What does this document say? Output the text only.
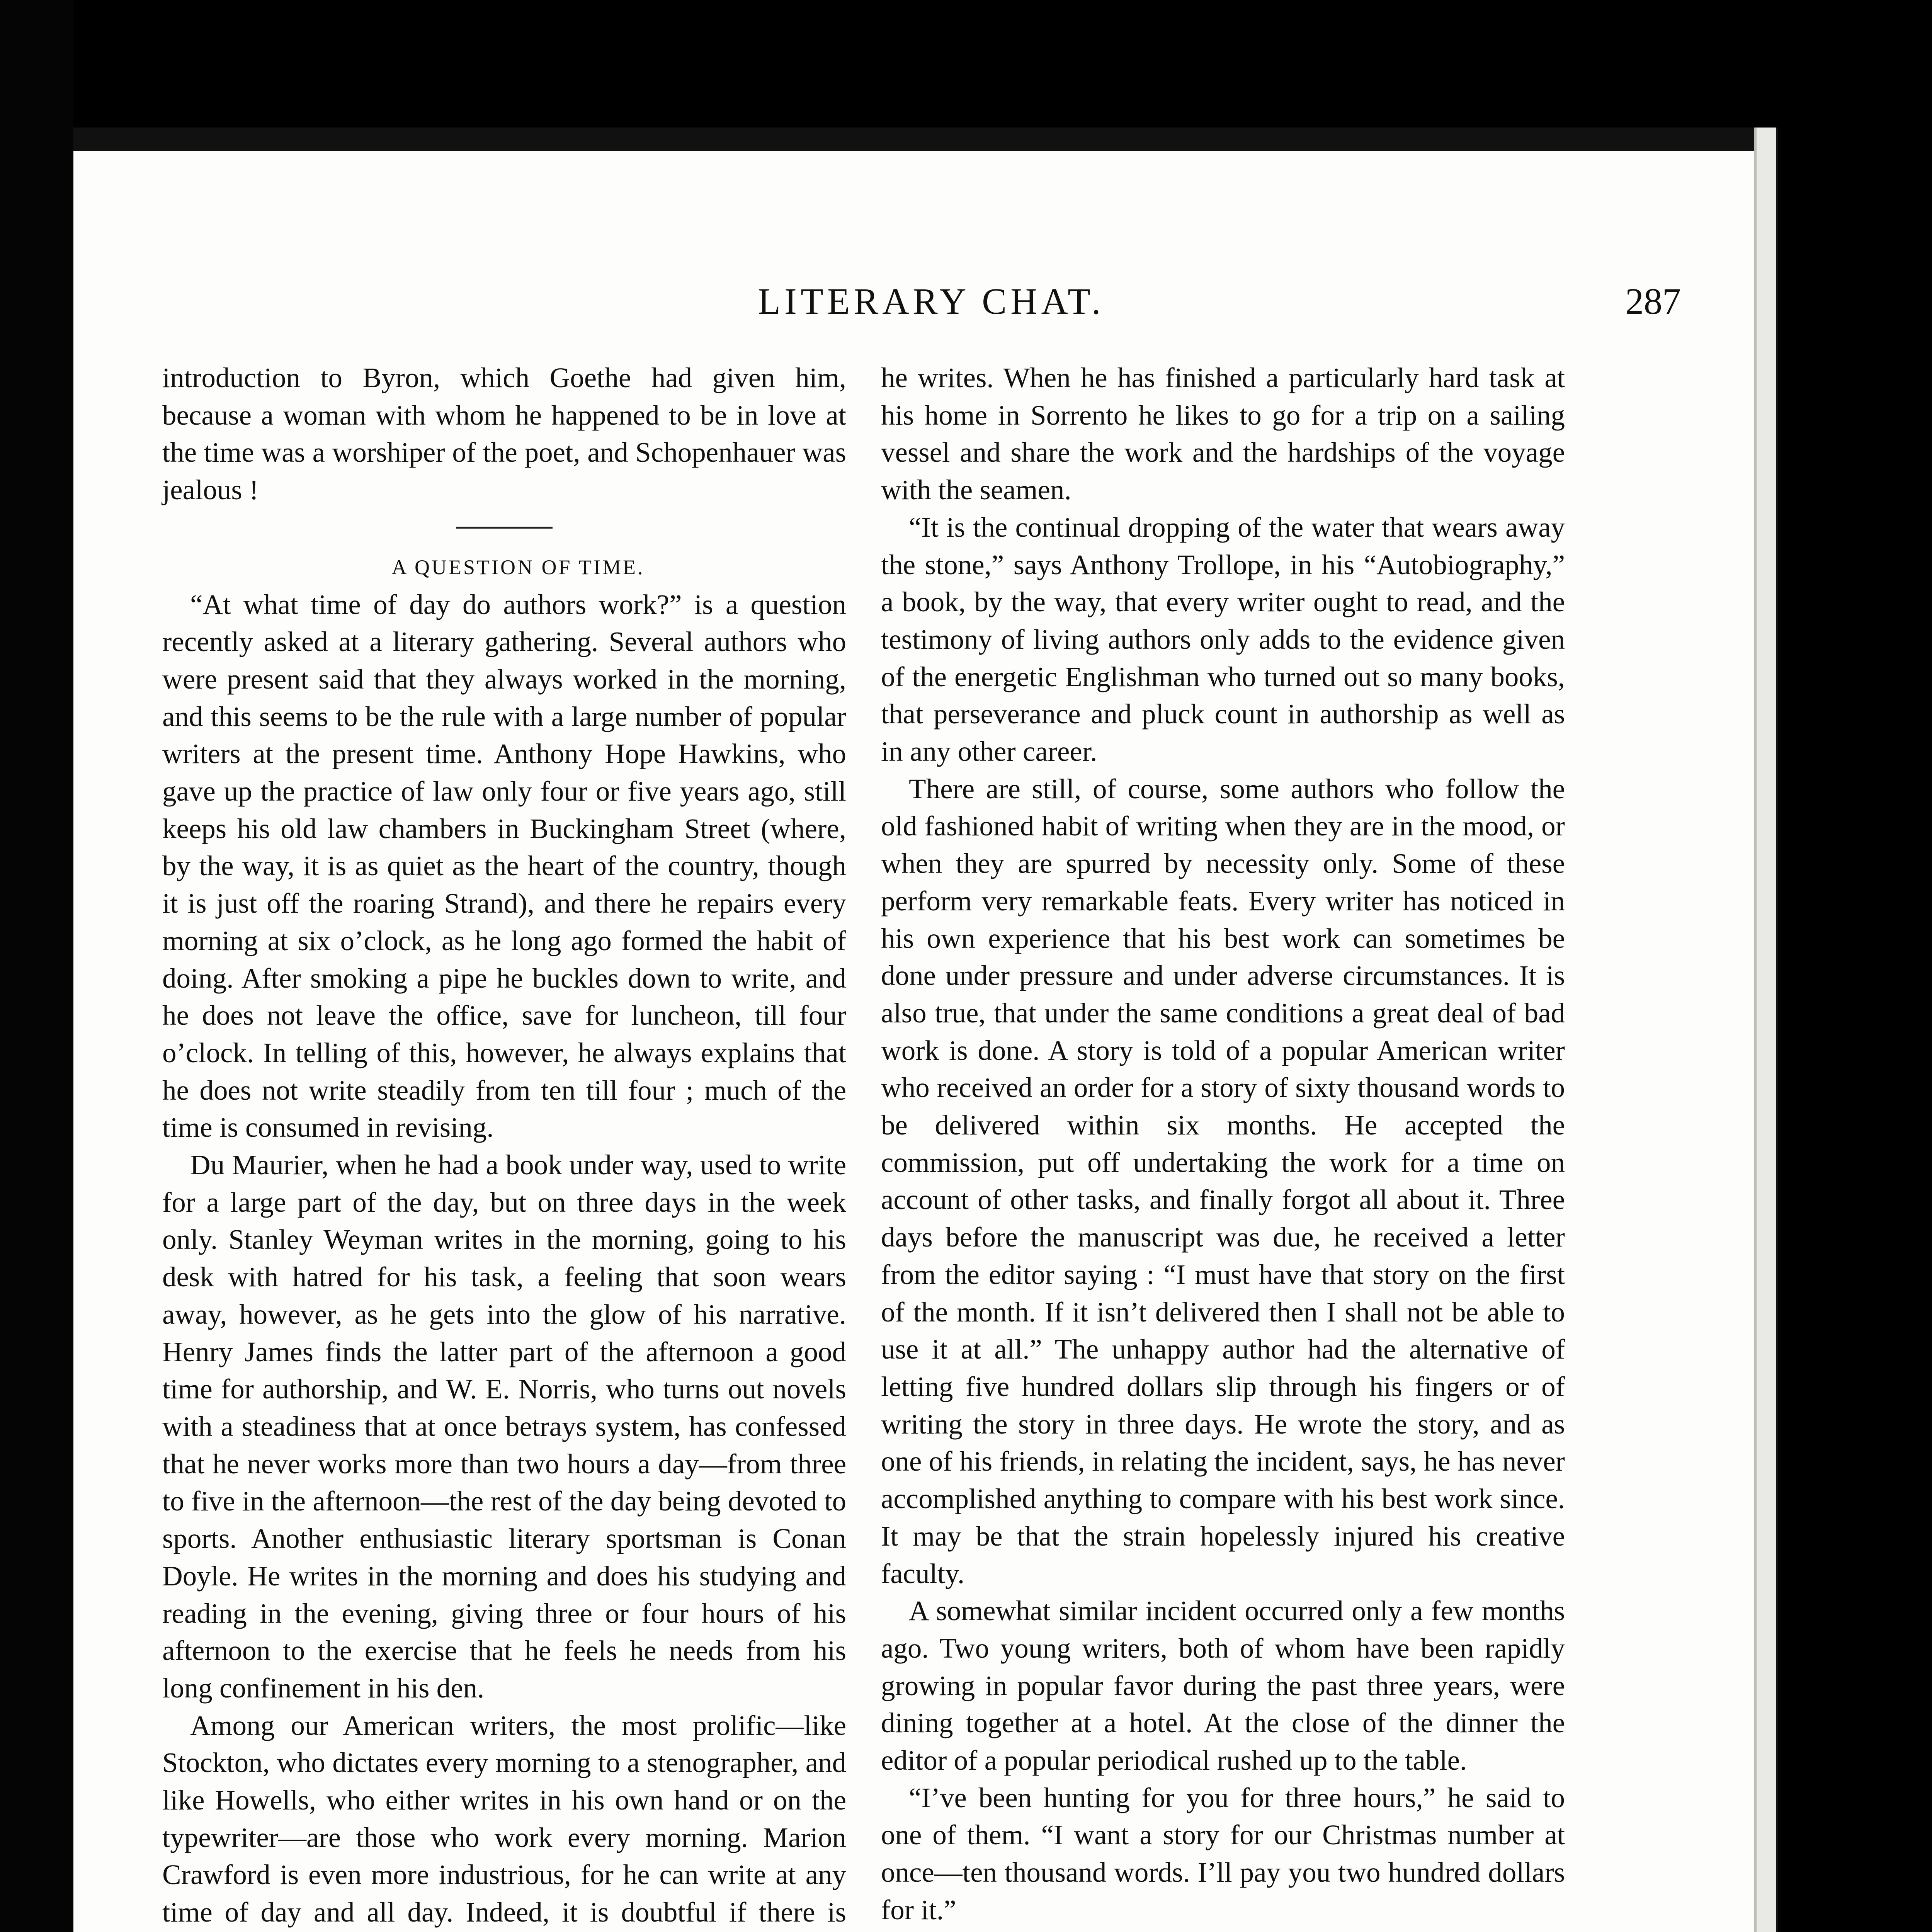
LITERARY CHAT.	287

introduction to Byron, which Goethe had given him, because a woman with whom he happened to be in love at the time was a worshiper of the poet, and Schopenhauer was jealous !

A QUESTION OF TIME.

“At what time of day do authors work?” is a question recently asked at a literary gathering. Several authors who were present said that they always worked in the morning, and this seems to be the rule with a large number of popular writers at the present time. Anthony Hope Hawkins, who gave up the practice of law only four or five years ago, still keeps his old law chambers in Buckingham Street (where, by the way, it is as quiet as the heart of the country, though it is just off the roaring Strand), and there he repairs every morning at six o’clock, as he long ago formed the habit of doing. After smoking a pipe he buckles down to write, and he does not leave the office, save for luncheon, till four o’clock. In telling of this, however, he always explains that he does not write steadily from ten till four ; much of the time is consumed in revising.

Du Maurier, when he had a book under way, used to write for a large part of the day, but on three days in the week only. Stanley Weyman writes in the morning, going to his desk with hatred for his task, a feeling that soon wears away, however, as he gets into the glow of his narrative. Henry James finds the latter part of the afternoon a good time for authorship, and W. E. Norris, who turns out novels with a steadiness that at once betrays system, has confessed that he never works more than two hours a day—from three to five in the afternoon—the rest of the day being devoted to sports. Another enthusiastic literary sportsman is Conan Doyle. He writes in the morning and does his studying and reading in the evening, giving three or four hours of his afternoon to the exercise that he feels he needs from his long confinement in his den.

Among our American writers, the most prolific—like Stockton, who dictates every morning to a stenographer, and like Howells, who either writes in his own hand or on the typewriter—are those who work every morning. Marion Crawford is even more industrious, for he can write at any time of day and all day. Indeed, it is doubtful if there is

he writes. When he has finished a particularly hard task at his home in Sorrento he likes to go for a trip on a sailing vessel and share the work and the hardships of the voyage with the seamen.

“It is the continual dropping of the water that wears away the stone,” says Anthony Trollope, in his “Autobiography,” a book, by the way, that every writer ought to read, and the testimony of living authors only adds to the evidence given of the energetic Englishman who turned out so many books, that perseverance and pluck count in authorship as well as in any other career.

There are still, of course, some authors who follow the old fashioned habit of writing when they are in the mood, or when they are spurred by necessity only. Some of these perform very remarkable feats. Every writer has noticed in his own experience that his best work can sometimes be done under pressure and under adverse circumstances. It is also true, that under the same conditions a great deal of bad work is done. A story is told of a popular American writer who received an order for a story of sixty thousand words to be delivered within six months. He accepted the commission, put off undertaking the work for a time on account of other tasks, and finally forgot all about it. Three days before the manuscript was due, he received a letter from the editor saying : “I must have that story on the first of the month. If it isn’t delivered then I shall not be able to use it at all.” The unhappy author had the alternative of letting five hundred dollars slip through his fingers or of writing the story in three days. He wrote the story, and as one of his friends, in relating the incident, says, he has never accomplished anything to compare with his best work since. It may be that the strain hopelessly injured his creative faculty.

A somewhat similar incident occurred only a few months ago. Two young writers, both of whom have been rapidly growing in popular favor during the past three years, were dining together at a hotel. At the close of the dinner the editor of a popular periodical rushed up to the table.

“I’ve been hunting for you for three hours,” he said to one of them. “I want a story for our Christmas number at once—ten thousand words. I’ll pay you two hundred dollars for it.”
